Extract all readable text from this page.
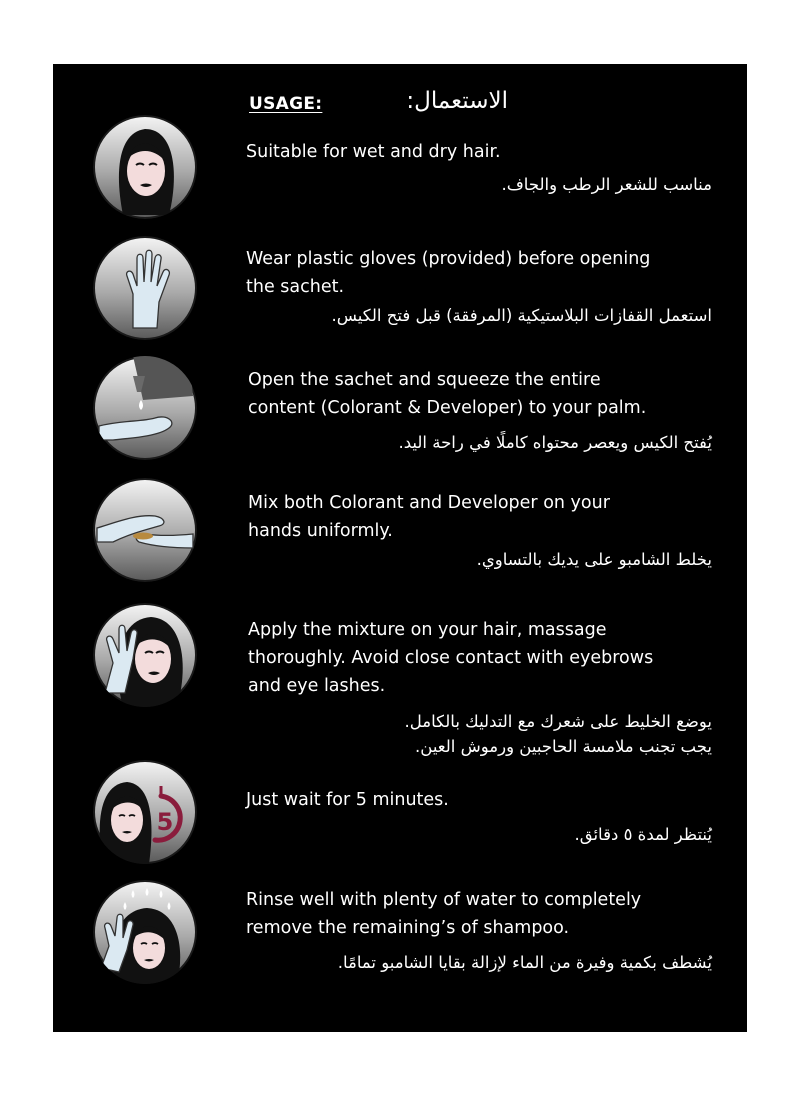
USAGE:	الاستعمال:
Suitable for wet and dry hair.
مناسب للشعر الرطب والجاف.
Wear plastic gloves (provided) before opening
the sachet.
استعمل القفازات البلاستيكية (المرفقة) قبل فتح الكيس.
Open the sachet and squeeze the entire
content (Colorant & Developer) to your palm.
يُفتح الكيس ويعصر محتواه كاملًا في راحة اليد.
Mix both Colorant and Developer on your
hands uniformly.
يخلط الشامبو على يديك بالتساوي.
Apply the mixture on your hair, massage
thoroughly. Avoid close contact with eyebrows
and eye lashes.
يوضع الخليط على شعرك مع التدليك بالكامل.
يجب تجنب ملامسة الحاجبين ورموش العين.
5
Just wait for 5 minutes.
يُنتظر لمدة ٥ دقائق.
Rinse well with plenty of water to completely
remove the remaining’s of shampoo.
يُشطف بكمية وفيرة من الماء لإزالة بقايا الشامبو تمامًا.
